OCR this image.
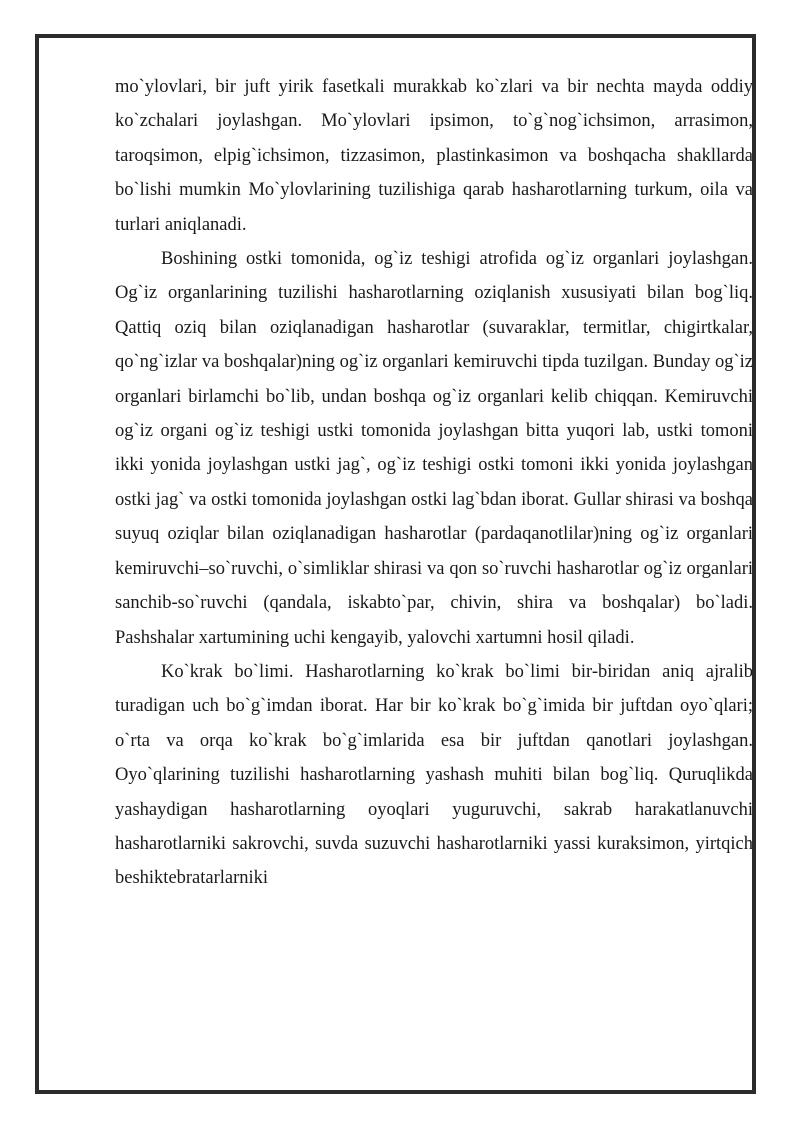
mo`ylovlari, bir juft yirik fasetkali murakkab ko`zlari va bir nechta mayda oddiy ko`zchalari joylashgan. Mo`ylovlari ipsimon, to`g`nog`ichsimon, arrasimon, taroqsimon, elpig`ichsimon, tizzasimon, plastinkasimon va boshqacha shakllarda bo`lishi mumkin Mo`ylovlarining tuzilishiga qarab hasharotlarning turkum, oila va turlari aniqlanadi.

Boshining ostki tomonida, og`iz teshigi atrofida og`iz organlari joylashgan. Og`iz organlarining tuzilishi hasharotlarning oziqlanish xususiyati bilan bog`liq. Qattiq oziq bilan oziqlanadigan hasharotlar (suvaraklar, termitlar, chigirtkalar, qo`ng`izlar va boshqalar)ning og`iz organlari kemiruvchi tipda tuzilgan. Bunday og`iz organlari birlamchi bo`lib, undan boshqa og`iz organlari kelib chiqqan. Kemiruvchi og`iz organi og`iz teshigi ustki tomonida joylashgan bitta yuqori lab, ustki tomoni ikki yonida joylashgan ustki jag`, og`iz teshigi ostki tomoni ikki yonida joylashgan ostki jag` va ostki tomonida joylashgan ostki lag`bdan iborat. Gullar shirasi va boshqa suyuq oziqlar bilan oziqlanadigan hasharotlar (pardaqanotlilar)ning og`iz organlari kemiruvchi–so`ruvchi, o`simliklar shirasi va qon so`ruvchi hasharotlar og`iz organlari sanchib-so`ruvchi (qandala, iskabto`par, chivin, shira va boshqalar) bo`ladi. Pashshalar xartumining uchi kengayib, yalovchi xartumni hosil qiladi.

Ko`krak bo`limi. Hasharotlarning ko`krak bo`limi bir-biridan aniq ajralib turadigan uch bo`g`imdan iborat. Har bir ko`krak bo`g`imida bir juftdan oyo`qlari; o`rta va orqa ko`krak bo`g`imlarida esa bir juftdan qanotlari joylashgan. Oyo`qlarining tuzilishi hasharotlarning yashash muhiti bilan bog`liq. Quruqlikda yashaydigan hasharotlarning oyoqlari yuguruvchi, sakrab harakatlanuvchi hasharotlarniki sakrovchi, suvda suzuvchi hasharotlarniki yassi kuraksimon, yirtqich beshiktebratarlarniki
